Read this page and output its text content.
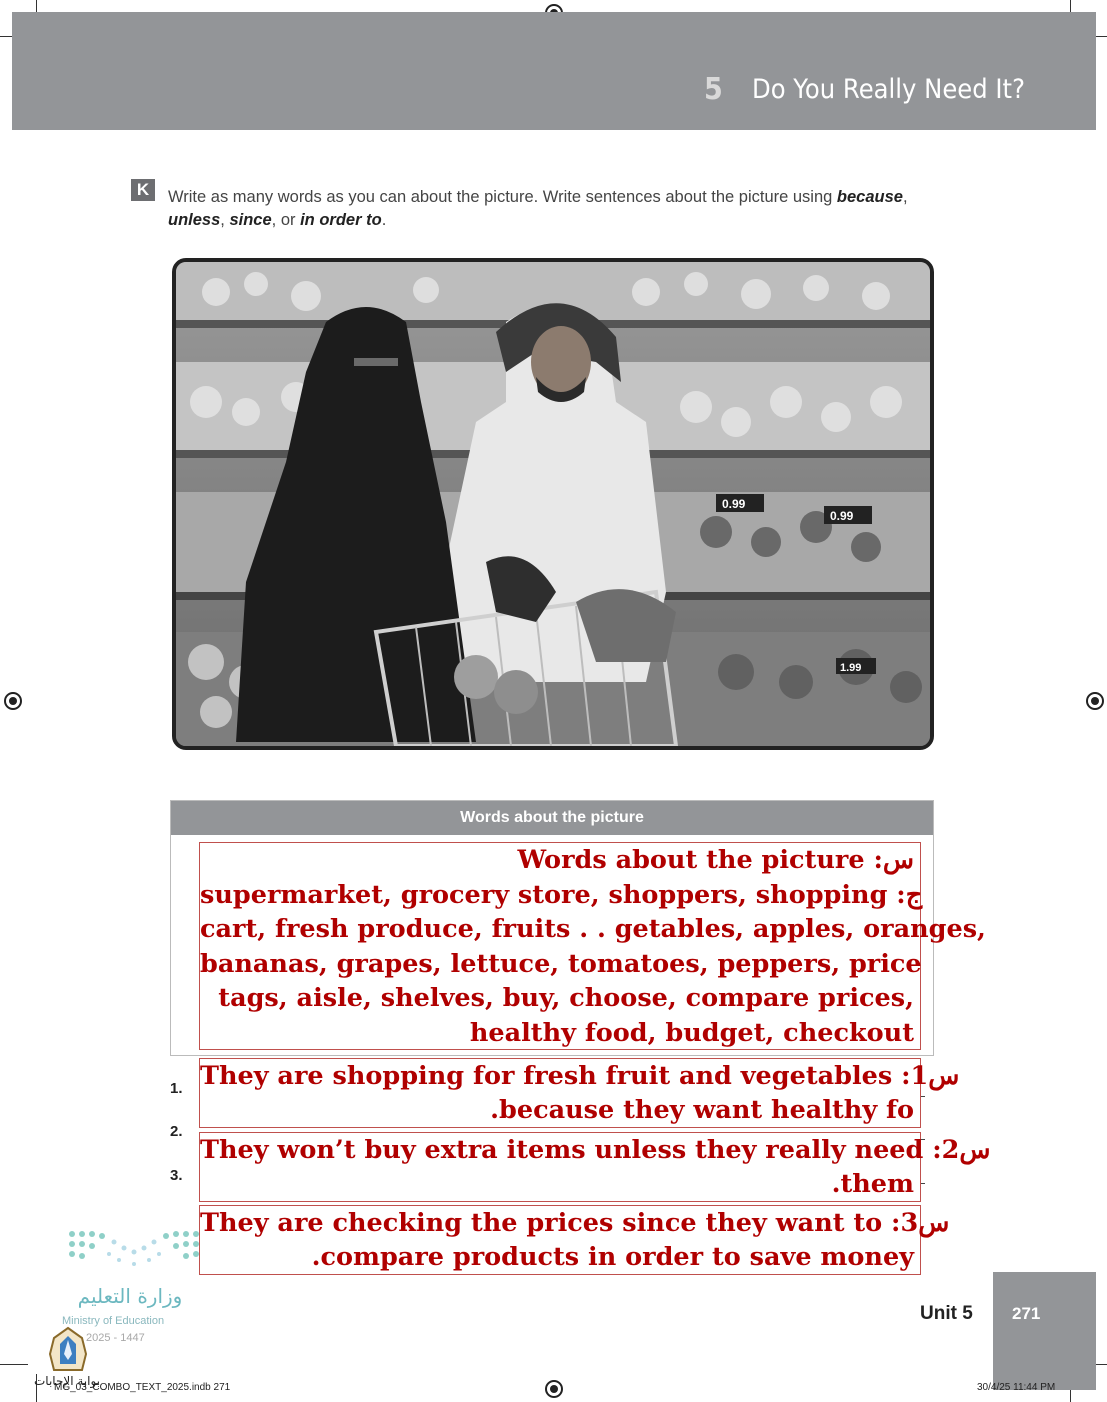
5 Do You Really Need It?
K	Write as many words as you can about the picture. Write sentences about the picture using because, unless, since, or in order to.
0.99
0.99
1.99
Words about the picture

Words about the picture :س

supermarket, grocery store, shoppers, shopping :ج

cart, fresh produce, fruits . . getables, apples, oranges,

bananas, grapes, lettuce, tomatoes, peppers, price

tags, aisle, shelves, buy, choose, compare prices,

healthy food, budget, checkout

1.
2.
3.

They are shopping for fresh fruit and vegetables :1س

.because they want healthy fo

They won’t buy extra items unless they really need :2س

.them

They are checking the prices since they want to :3س

.compare products in order to save money

وزارة التعليم
Ministry of Education
2025 - 1447
بوابة الإجابات
Unit 5 271
MG_03_COMBO_TEXT_2025.indb 271	30/4/25 11:44 PM
